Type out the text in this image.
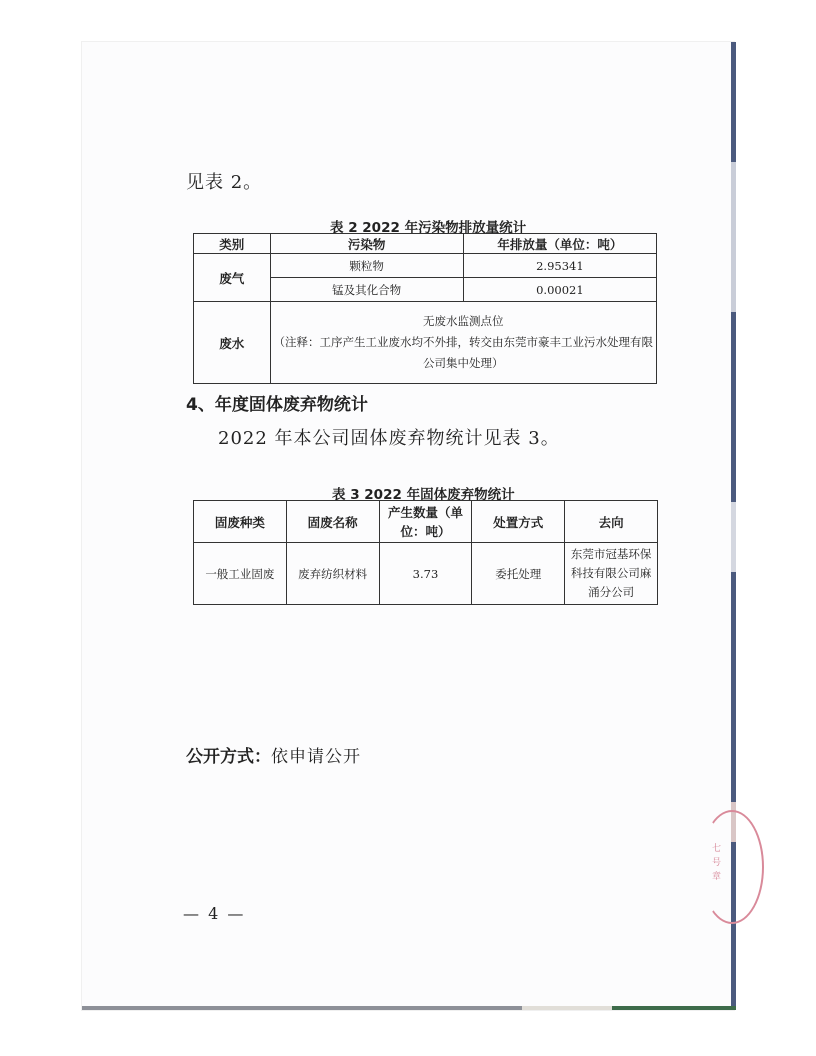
见表 2。
表 2 2022 年污染物排放量统计
类别	污染物	年排放量（单位：吨）
废气	颗粒物	2.95341
	锰及其化合物	0.00021
废水	无废水监测点位
（注释：工序产生工业废水均不外排，转交由东莞市豪丰工业污水处理有限
公司集中处理）	
4、年度固体废弃物统计
2022 年本公司固体废弃物统计见表 3。
表 3 2022 年固体废弃物统计
固废种类	固废名称	产生数量（单
位：吨）	处置方式	去向
一般工业固废	废弃纺织材料	3.73	委托处理	东莞市冠基环保
科技有限公司麻
涌分公司
公开方式：依申请公开
七 号 章
— 4 —
